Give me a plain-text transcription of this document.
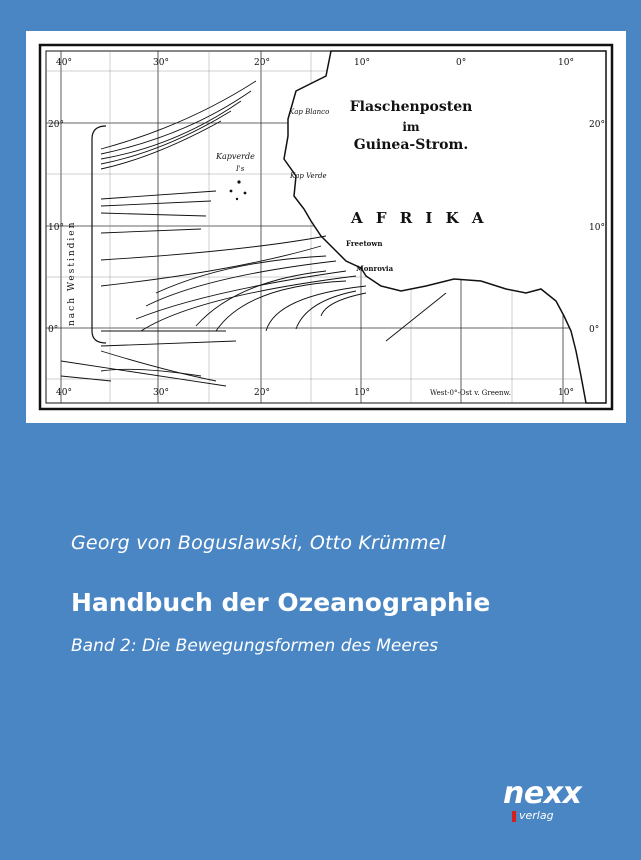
40°	30°	20°	10°	0°	10°
40°	30°	20°	10°	10°
20°
10°
0°
20°
10°
0°
Flaschenposten
im
Guinea-Strom.
A F R I K A
Kap Blanco
Kap Verde
Kapverde
I's
Freetown
Monrovia
nach Westindien
West-0°-Ost v. Greenw.
Georg von Boguslawski, Otto Krümmel
Handbuch der Ozeanographie
Band 2: Die Bewegungsformen des Meeres
nexx
verlag
